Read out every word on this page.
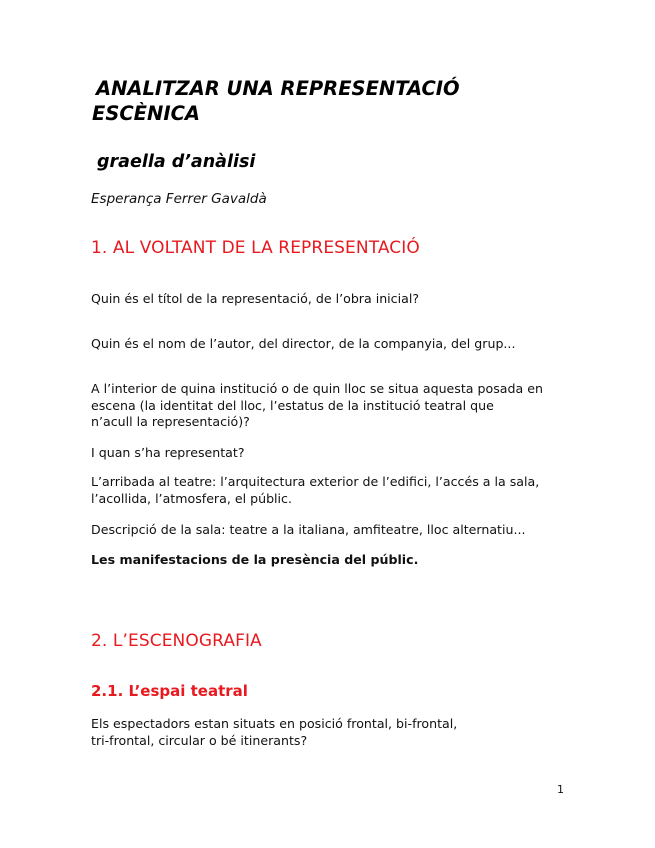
ANALITZAR UNA REPRESENTACIÓ
ESCÈNICA
graella d’anàlisi
Esperança Ferrer Gavaldà
1. AL VOLTANT DE LA REPRESENTACIÓ
Quin és el títol de la representació, de l’obra inicial?
Quin és el nom de l’autor, del director, de la companyia, del grup...
A l’interior de quina institució o de quin lloc se situa aquesta posada en
escena (la identitat del lloc, l’estatus de la institució teatral que
n’acull la representació)?
I quan s’ha representat?
L’arribada al teatre: l’arquitectura exterior de l’edifici, l’accés a la sala,
l’acollida, l’atmosfera, el públic.
Descripció de la sala: teatre a la italiana, amfiteatre, lloc alternatiu...
Les manifestacions de la presència del públic.
2. L’ESCENOGRAFIA
2.1. L’espai teatral
Els espectadors estan situats en posició frontal, bi-frontal,
tri-frontal, circular o bé itinerants?
1
